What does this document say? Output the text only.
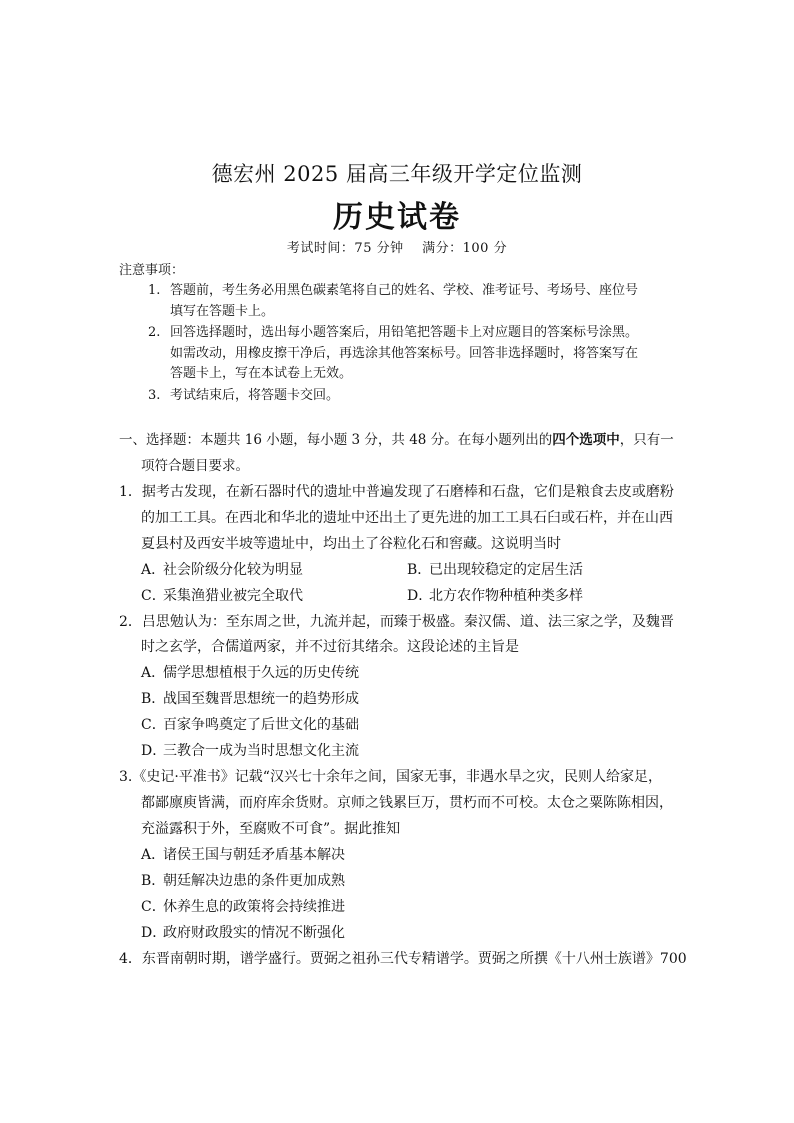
德宏州 2025 届高三年级开学定位监测
历史试卷
考试时间：75 分钟    满分：100 分
注意事项：
1. 答题前，考生务必用黑色碳素笔将自己的姓名、学校、准考证号、考场号、座位号
填写在答题卡上。
2. 回答选择题时，选出每小题答案后，用铅笔把答题卡上对应题目的答案标号涂黑。
如需改动，用橡皮擦干净后，再选涂其他答案标号。回答非选择题时，将答案写在
答题卡上，写在本试卷上无效。
3. 考试结束后，将答题卡交回。
一、选择题：本题共 16 小题，每小题 3 分，共 48 分。在每小题列出的四个选项中，只有一
项符合题目要求。
1．据考古发现，在新石器时代的遗址中普遍发现了石磨棒和石盘，它们是粮食去皮或磨粉
的加工工具。在西北和华北的遗址中还出土了更先进的加工工具石臼或石杵，并在山西
夏县村及西安半坡等遗址中，均出土了谷粒化石和窖藏。这说明当时
A．社会阶级分化较为明显	B．已出现较稳定的定居生活
C．采集渔猎业被完全取代	D．北方农作物种植种类多样
2．吕思勉认为：至东周之世，九流并起，而臻于极盛。秦汉儒、道、法三家之学，及魏晋
时之玄学，合儒道两家，并不过衍其绪余。这段论述的主旨是
A．儒学思想植根于久远的历史传统
B．战国至魏晋思想统一的趋势形成
C．百家争鸣奠定了后世文化的基础
D．三教合一成为当时思想文化主流
3.《史记·平准书》记载“汉兴七十余年之间，国家无事，非遇水旱之灾，民则人给家足，
都鄙廪庾皆满，而府库余货财。京师之钱累巨万，贯朽而不可校。太仓之粟陈陈相因，
充溢露积于外，至腐败不可食”。据此推知
A．诸侯王国与朝廷矛盾基本解决
B．朝廷解决边患的条件更加成熟
C．休养生息的政策将会持续推进
D．政府财政殷实的情况不断强化
4．东晋南朝时期，谱学盛行。贾弼之祖孙三代专精谱学。贾弼之所撰《十八州士族谱》700
